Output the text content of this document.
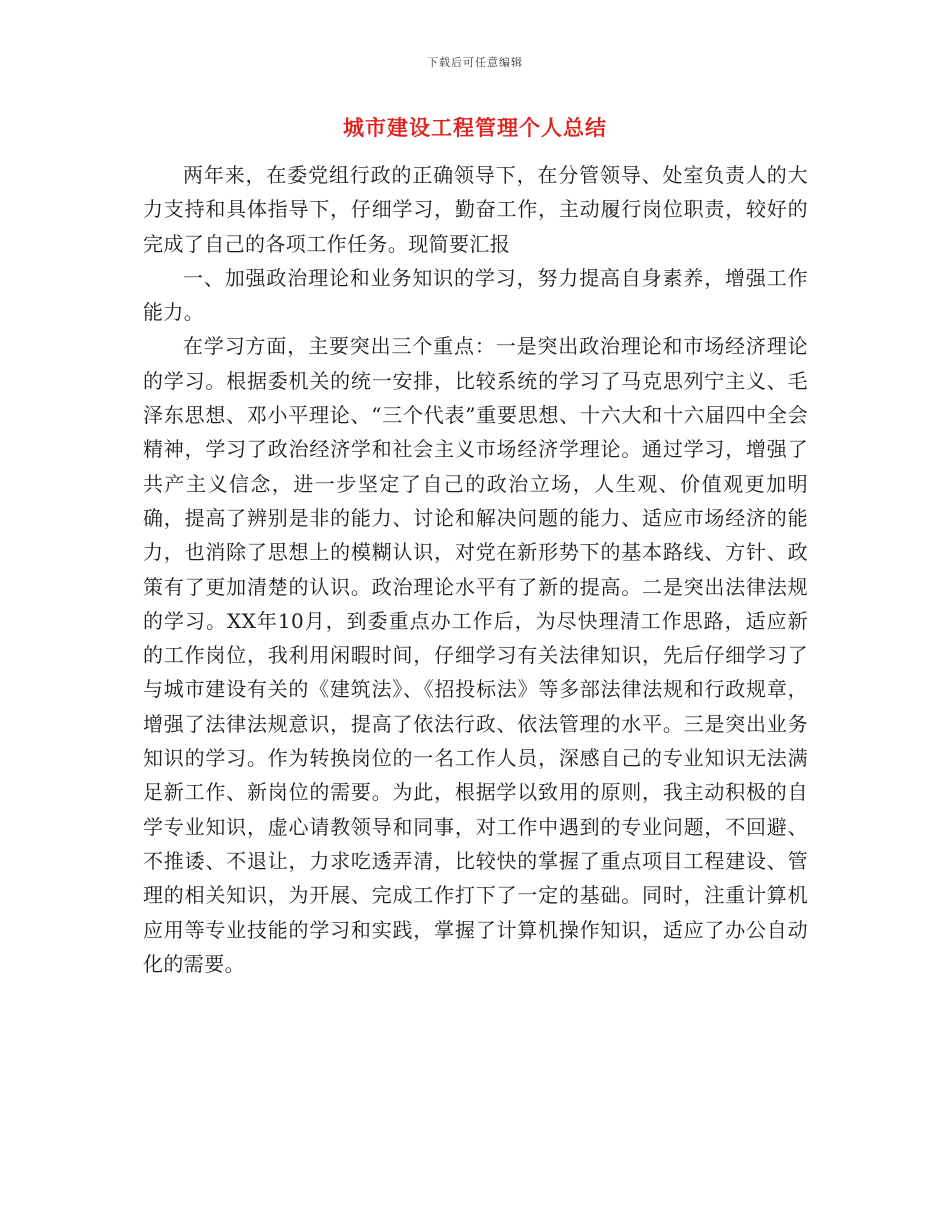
下载后可任意编辑
城市建设工程管理个人总结

两年来，在委党组行政的正确领导下，在分管领导、处室负责人的大力支持和具体指导下，仔细学习，勤奋工作，主动履行岗位职责，较好的完成了自己的各项工作任务。现简要汇报

一、加强政治理论和业务知识的学习，努力提高自身素养，增强工作能力。

在学习方面，主要突出三个重点：一是突出政治理论和市场经济理论的学习。根据委机关的统一安排，比较系统的学习了马克思列宁主义、毛泽东思想、邓小平理论、“三个代表”重要思想、十六大和十六届四中全会精神，学习了政治经济学和社会主义市场经济学理论。通过学习，增强了共产主义信念，进一步坚定了自己的政治立场，人生观、价值观更加明确，提高了辨别是非的能力、讨论和解决问题的能力、适应市场经济的能力，也消除了思想上的模糊认识，对党在新形势下的基本路线、方针、政策有了更加清楚的认识。政治理论水平有了新的提高。二是突出法律法规的学习。XX年10月，到委重点办工作后，为尽快理清工作思路，适应新的工作岗位，我利用闲暇时间，仔细学习有关法律知识，先后仔细学习了与城市建设有关的《建筑法》、《招投标法》等多部法律法规和行政规章，增强了法律法规意识，提高了依法行政、依法管理的水平。三是突出业务知识的学习。作为转换岗位的一名工作人员，深感自己的专业知识无法满足新工作、新岗位的需要。为此，根据学以致用的原则，我主动积极的自学专业知识，虚心请教领导和同事，对工作中遇到的专业问题，不回避、不推诿、不退让，力求吃透弄清，比较快的掌握了重点项目工程建设、管理的相关知识，为开展、完成工作打下了一定的基础。同时，注重计算机应用等专业技能的学习和实践，掌握了计算机操作知识，适应了办公自动化的需要。
